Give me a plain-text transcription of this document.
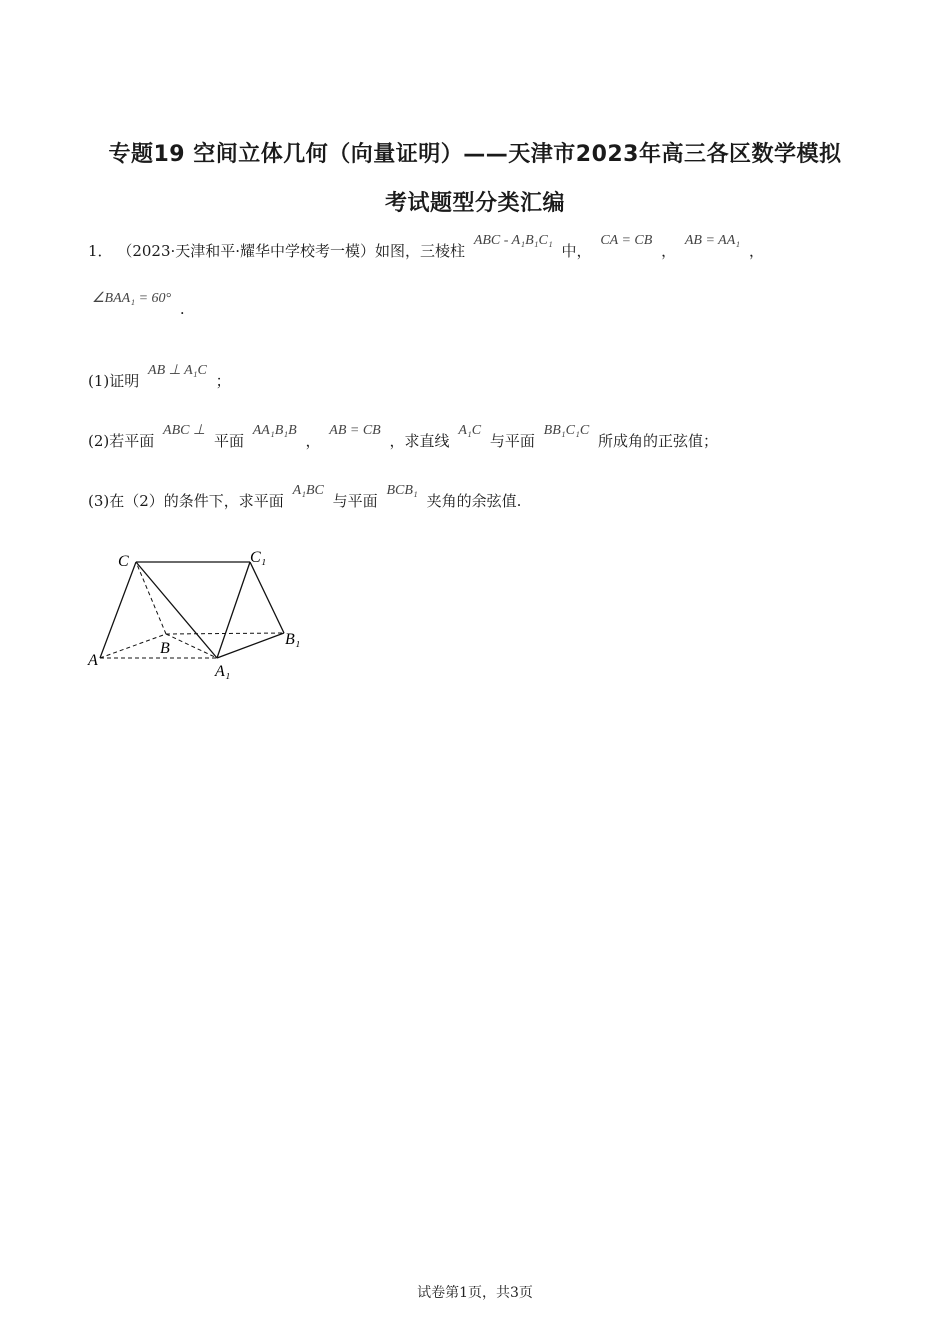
专题19 空间立体几何（向量证明）——天津市2023年高三各区数学模拟
考试题型分类汇编
1． （2023·天津和平·耀华中学校考一模）如图，三棱柱 ABC - A₁B₁C₁ 中， CA = CB ， AB = AA₁ ，
∠BAA₁ = 60° .
(1)证明 AB ⊥ A₁C ；
(2)若平面 ABC ⊥ 平面 AA₁B₁B ， AB = CB ，求直线 A₁C 与平面 BB₁C₁C 所成角的正弦值；
(3)在（2）的条件下，求平面 A₁BC 与平面 BCB₁ 夹角的余弦值.
C	C₁
A
B
A₁
B₁
试卷第1页，共3页
